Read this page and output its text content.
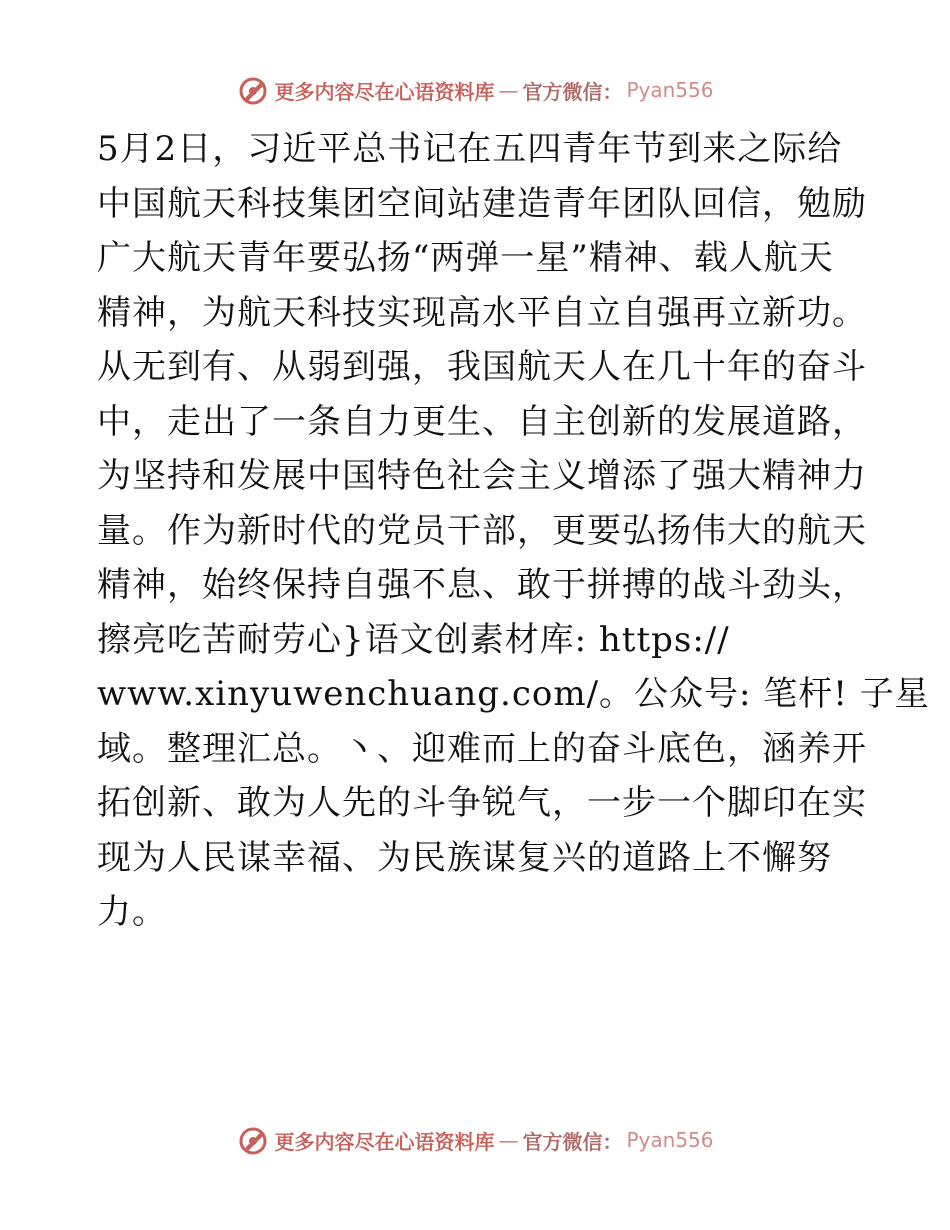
更多内容尽在心语资料库 — 官方微信： Pyan556
5月2日，习近平总书记在五四青年节到来之际给
中国航天科技集团空间站建造青年团队回信，勉励
广大航天青年要弘扬“两弹一星”精神、载人航天
精神，为航天科技实现高水平自立自强再立新功。
从无到有、从弱到强，我国航天人在几十年的奋斗
中，走出了一条自力更生、自主创新的发展道路，
为坚持和发展中国特色社会主义增添了强大精神力
量。作为新时代的党员干部，更要弘扬伟大的航天
精神，始终保持自强不息、敢于拼搏的战斗劲头，
擦亮吃苦耐劳心}语文创素材库: https://
www.xinyuwenchuang.com/。公众号: 笔杆! 子星
域。整理汇总。丶、迎难而上的奋斗底色，涵养开
拓创新、敢为人先的斗争锐气，一步一个脚印在实
现为人民谋幸福、为民族谋复兴的道路上不懈努
力。
更多内容尽在心语资料库 — 官方微信： Pyan556
